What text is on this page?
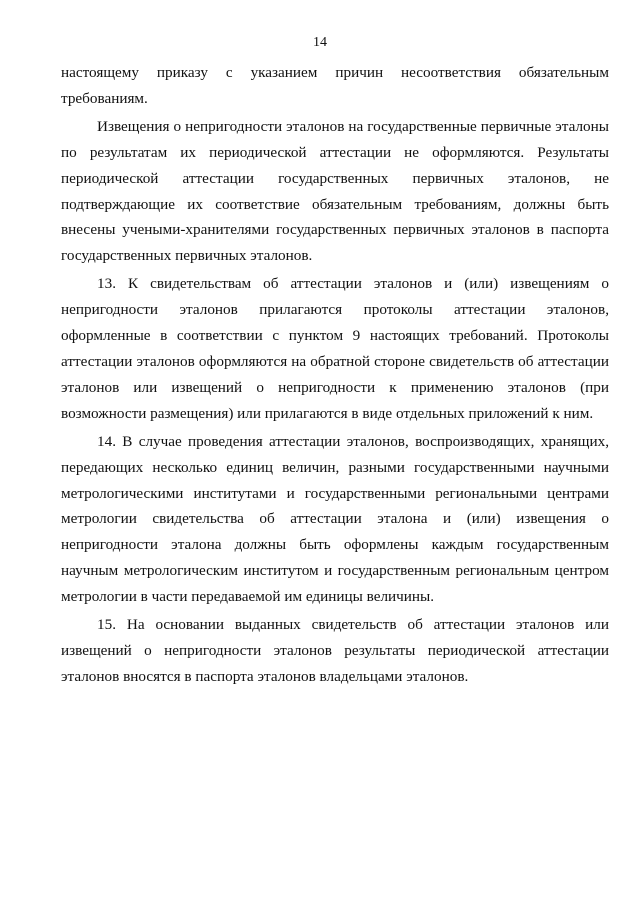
14

настоящему приказу с указанием причин несоответствия обязательным требованиям.

Извещения о непригодности эталонов на государственные первичные эталоны по результатам их периодической аттестации не оформляются. Результаты периодической аттестации государственных первичных эталонов, не подтверждающие их соответствие обязательным требованиям, должны быть внесены учеными-хранителями государственных первичных эталонов в паспорта государственных первичных эталонов.

13. К свидетельствам об аттестации эталонов и (или) извещениям о непригодности эталонов прилагаются протоколы аттестации эталонов, оформленные в соответствии с пунктом 9 настоящих требований. Протоколы аттестации эталонов оформляются на обратной стороне свидетельств об аттестации эталонов или извещений о непригодности к применению эталонов (при возможности размещения) или прилагаются в виде отдельных приложений к ним.

14. В случае проведения аттестации эталонов, воспроизводящих, хранящих, передающих несколько единиц величин, разными государственными научными метрологическими институтами и государственными региональными центрами метрологии свидетельства об аттестации эталона и (или) извещения о непригодности эталона должны быть оформлены каждым государственным научным метрологическим институтом и государственным региональным центром метрологии в части передаваемой им единицы величины.

15. На основании выданных свидетельств об аттестации эталонов или извещений о непригодности эталонов результаты периодической аттестации эталонов вносятся в паспорта эталонов владельцами эталонов.
